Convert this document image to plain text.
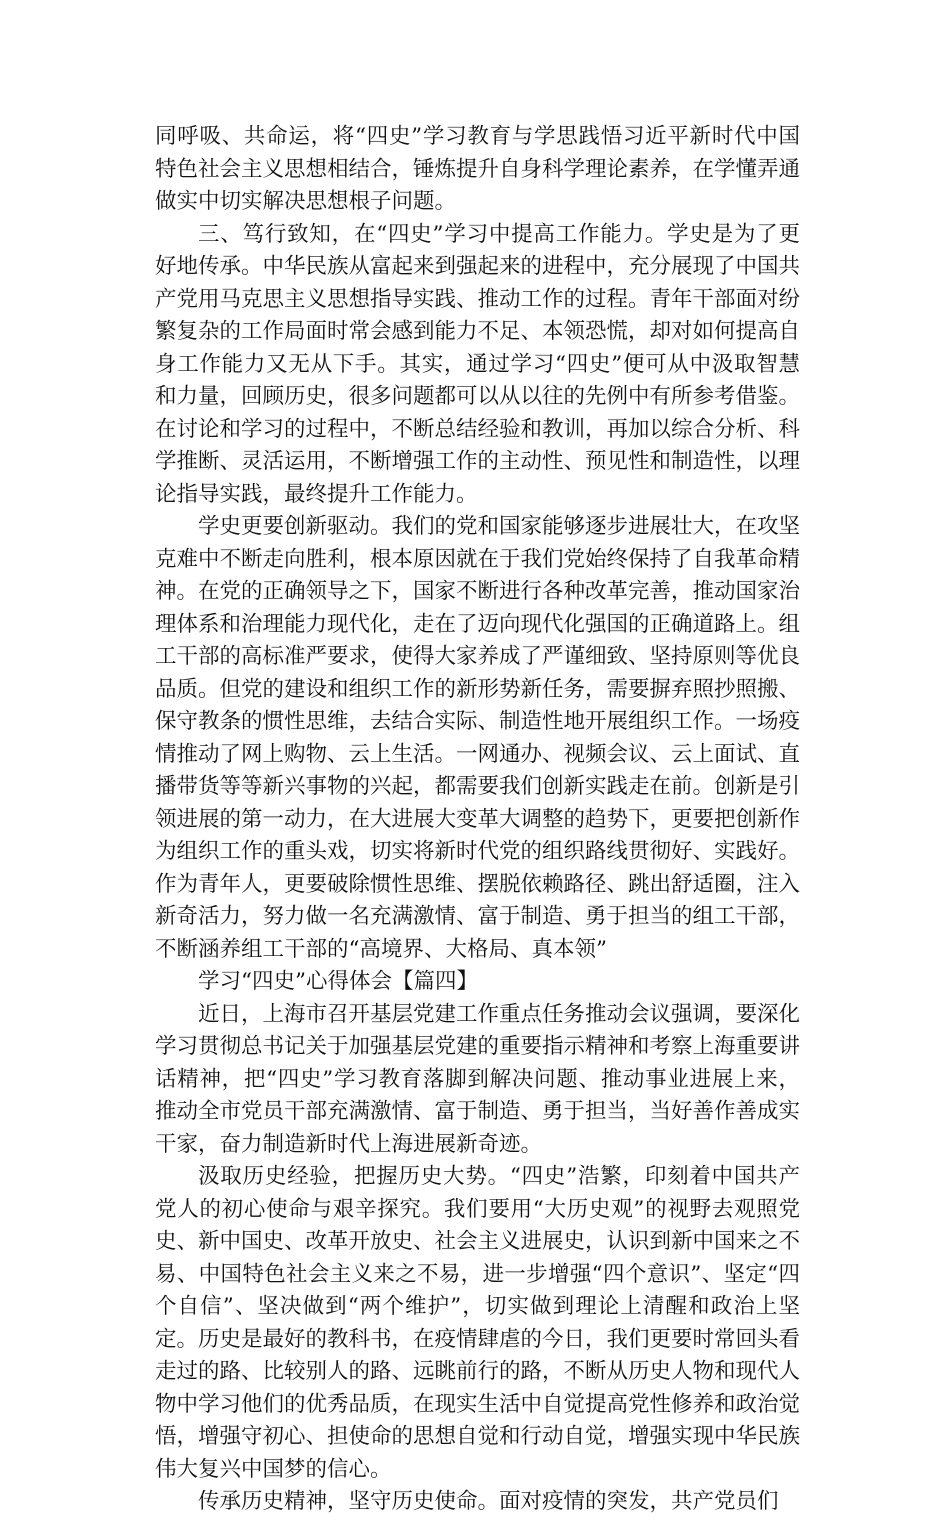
同呼吸、共命运，将“四史”学习教育与学思践悟习近平新时代中国特色社会主义思想相结合，锤炼提升自身科学理论素养，在学懂弄通做实中切实解决思想根子问题。

三、笃行致知，在“四史”学习中提高工作能力。学史是为了更好地传承。中华民族从富起来到强起来的进程中，充分展现了中国共产党用马克思主义思想指导实践、推动工作的过程。青年干部面对纷繁复杂的工作局面时常会感到能力不足、本领恐慌，却对如何提高自身工作能力又无从下手。其实，通过学习“四史”便可从中汲取智慧和力量，回顾历史，很多问题都可以从以往的先例中有所参考借鉴。在讨论和学习的过程中，不断总结经验和教训，再加以综合分析、科学推断、灵活运用，不断增强工作的主动性、预见性和制造性，以理论指导实践，最终提升工作能力。

学史更要创新驱动。我们的党和国家能够逐步进展壮大，在攻坚克难中不断走向胜利，根本原因就在于我们党始终保持了自我革命精神。在党的正确领导之下，国家不断进行各种改革完善，推动国家治理体系和治理能力现代化，走在了迈向现代化强国的正确道路上。组工干部的高标准严要求，使得大家养成了严谨细致、坚持原则等优良品质。但党的建设和组织工作的新形势新任务，需要摒弃照抄照搬、保守教条的惯性思维，去结合实际、制造性地开展组织工作。一场疫情推动了网上购物、云上生活。一网通办、视频会议、云上面试、直播带货等等新兴事物的兴起，都需要我们创新实践走在前。创新是引领进展的第一动力，在大进展大变革大调整的趋势下，更要把创新作为组织工作的重头戏，切实将新时代党的组织路线贯彻好、实践好。作为青年人，更要破除惯性思维、摆脱依赖路径、跳出舒适圈，注入新奇活力，努力做一名充满激情、富于制造、勇于担当的组工干部，不断涵养组工干部的“高境界、大格局、真本领”

学习“四史”心得体会【篇四】

近日，上海市召开基层党建工作重点任务推动会议强调，要深化学习贯彻总书记关于加强基层党建的重要指示精神和考察上海重要讲话精神，把“四史”学习教育落脚到解决问题、推动事业进展上来，推动全市党员干部充满激情、富于制造、勇于担当，当好善作善成实干家，奋力制造新时代上海进展新奇迹。

汲取历史经验，把握历史大势。“四史”浩繁，印刻着中国共产党人的初心使命与艰辛探究。我们要用“大历史观”的视野去观照党史、新中国史、改革开放史、社会主义进展史，认识到新中国来之不易、中国特色社会主义来之不易，进一步增强“四个意识”、坚定“四个自信”、坚决做到“两个维护”，切实做到理论上清醒和政治上坚定。历史是最好的教科书，在疫情肆虐的今日，我们更要时常回头看走过的路、比较别人的路、远眺前行的路，不断从历史人物和现代人物中学习他们的优秀品质，在现实生活中自觉提高党性修养和政治觉悟，增强守初心、担使命的思想自觉和行动自觉，增强实现中华民族伟大复兴中国梦的信心。

传承历史精神，坚守历史使命。面对疫情的突发，共产党员们
